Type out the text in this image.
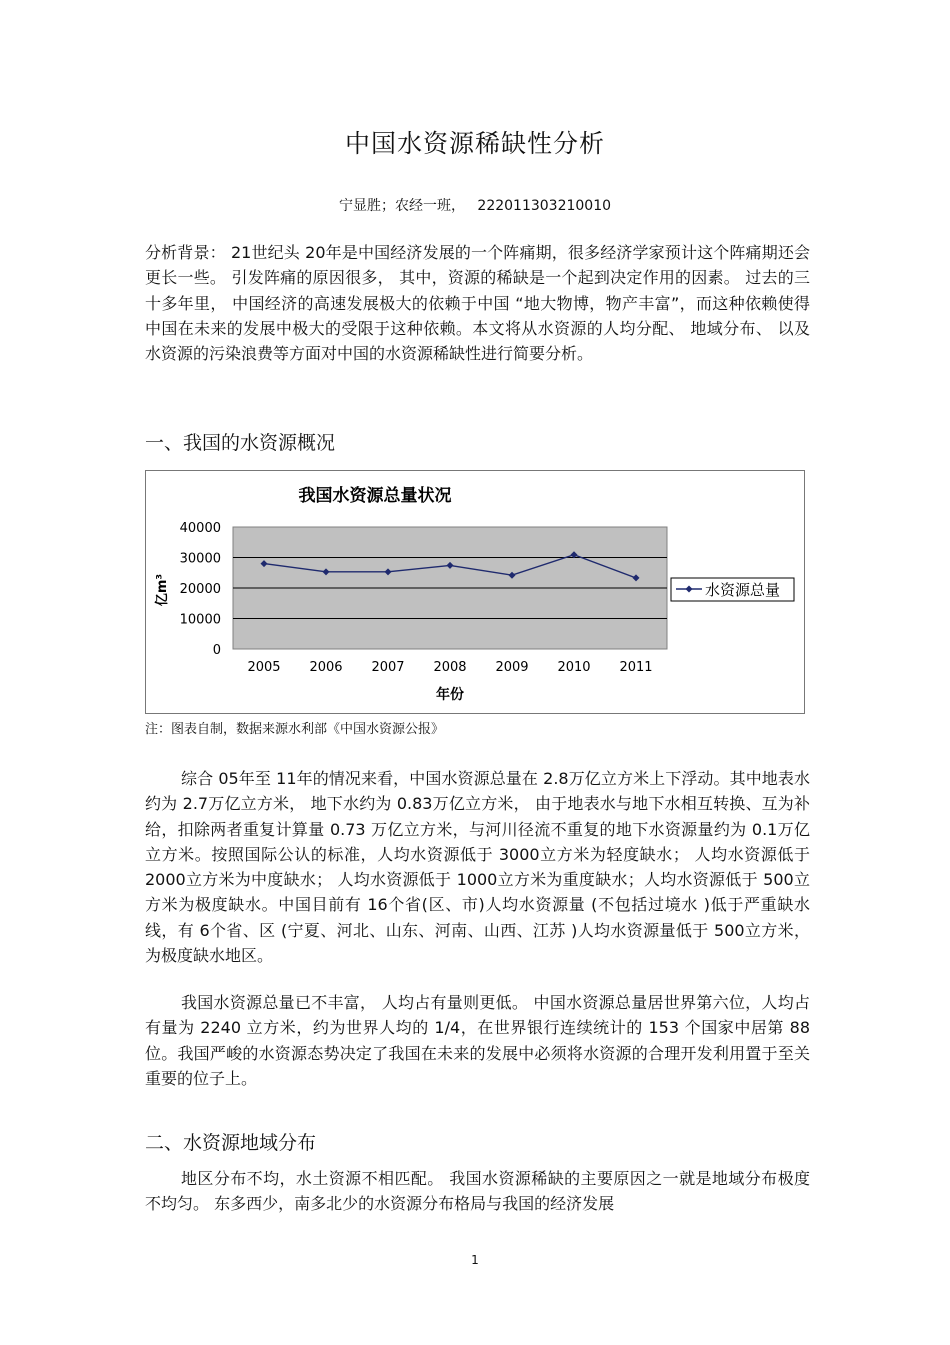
中国水资源稀缺性分析
宁显胜；农经一班， 222011303210010
分析背景： 21世纪头 20年是中国经济发展的一个阵痛期，很多经济学家预计这个阵痛期还会更长一些。 引发阵痛的原因很多， 其中，资源的稀缺是一个起到决定作用的因素。 过去的三十多年里， 中国经济的高速发展极大的依赖于中国 “地大物博，物产丰富”，而这种依赖使得中国在未来的发展中极大的受限于这种依赖。本文将从水资源的人均分配、 地域分布、 以及水资源的污染浪费等方面对中国的水资源稀缺性进行简要分析。
一、我国的水资源概况
我国水资源总量状况
40000
30000
20000
10000
0
2005 2006 2007 2008 2009 2010 2011
亿m³
年份
水资源总量
注：图表自制，数据来源水利部《中国水资源公报》
综合 05年至 11年的情况来看，中国水资源总量在 2.8万亿立方米上下浮动。其中地表水约为 2.7万亿立方米， 地下水约为 0.83万亿立方米， 由于地表水与地下水相互转换、互为补给，扣除两者重复计算量 0.73 万亿立方米，与河川径流不重复的地下水资源量约为 0.1万亿立方米。按照国际公认的标准，人均水资源低于 3000立方米为轻度缺水； 人均水资源低于 2000立方米为中度缺水； 人均水资源低于 1000立方米为重度缺水；人均水资源低于 500立方米为极度缺水。中国目前有 16个省(区、市)人均水资源量 (不包括过境水 )低于严重缺水线，有 6个省、区 (宁夏、河北、山东、河南、山西、江苏 )人均水资源量低于 500立方米，为极度缺水地区。
我国水资源总量已不丰富， 人均占有量则更低。 中国水资源总量居世界第六位，人均占有量为 2240 立方米，约为世界人均的 1/4，在世界银行连续统计的 153 个国家中居第 88 位。我国严峻的水资源态势决定了我国在未来的发展中必须将水资源的合理开发利用置于至关重要的位子上。
二、水资源地域分布
地区分布不均，水土资源不相匹配。 我国水资源稀缺的主要原因之一就是地域分布极度不均匀。 东多西少，南多北少的水资源分布格局与我国的经济发展
1
